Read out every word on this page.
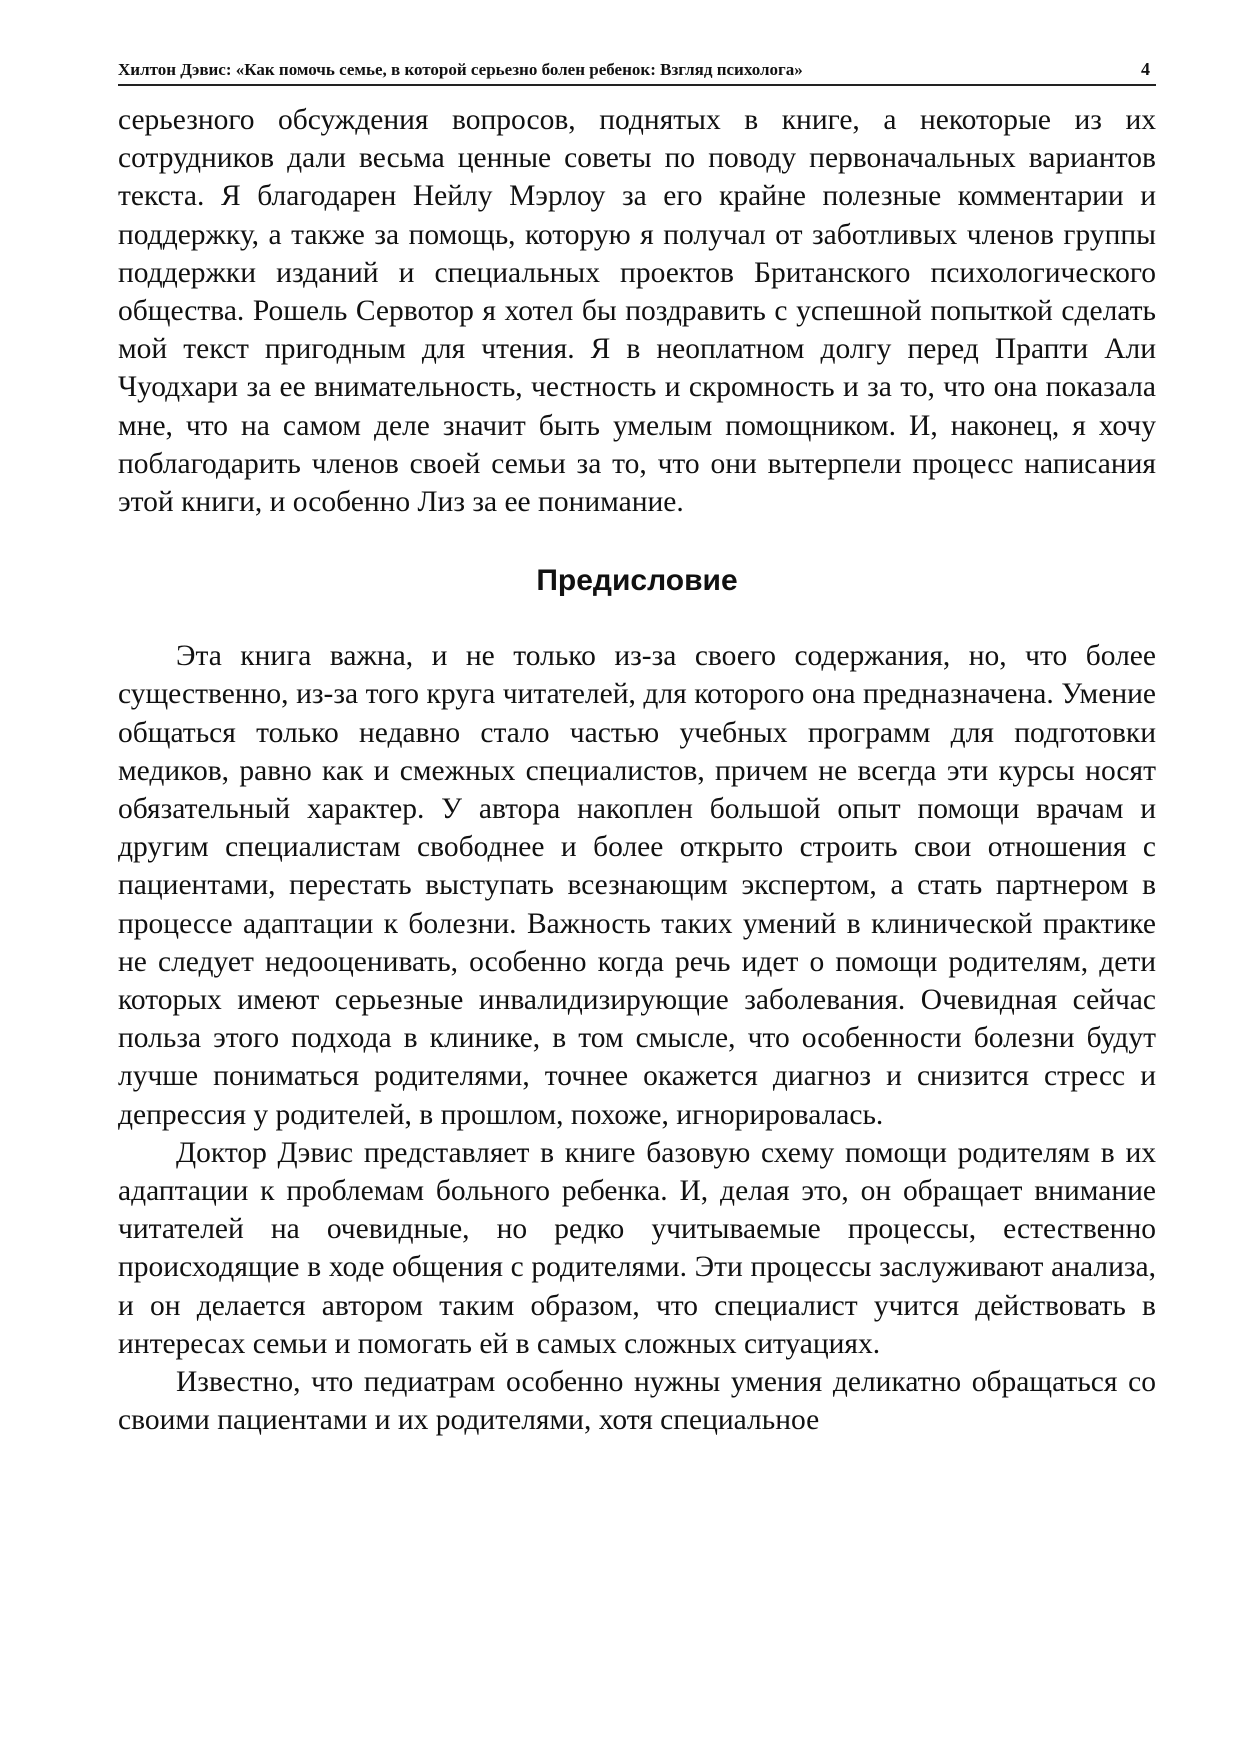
Хилтон Дэвис: «Как помочь семье, в которой серьезно болен ребенок: Взгляд психолога»	4

серьезного обсуждения вопросов, поднятых в книге, а некоторые из их сотрудников дали весьма ценные советы по поводу первоначальных вариантов текста. Я благодарен Нейлу Мэрлоу за его крайне полезные комментарии и поддержку, а также за помощь, которую я получал от заботливых членов группы поддержки изданий и специальных проектов Британского психологического общества. Рошель Сервотор я хотел бы поздравить с успешной попыткой сделать мой текст пригодным для чтения. Я в неоплатном долгу перед Прапти Али Чуодхари за ее внимательность, честность и скромность и за то, что она показала мне, что на самом деле значит быть умелым помощником. И, наконец, я хочу поблагодарить членов своей семьи за то, что они вытерпели процесс написания этой книги, и особенно Лиз за ее понимание.

Предисловие

Эта книга важна, и не только из-за своего содержания, но, что более существенно, из-за того круга читателей, для которого она предназначена. Умение общаться только недавно стало частью учебных программ для подготовки медиков, равно как и смежных специалистов, причем не всегда эти курсы носят обязательный характер. У автора накоплен большой опыт помощи врачам и другим специалистам свободнее и более открыто строить свои отношения с пациентами, перестать выступать всезнающим экспертом, а стать партнером в процессе адаптации к болезни. Важность таких умений в клинической практике не следует недооценивать, особенно когда речь идет о помощи родителям, дети которых имеют серьезные инвалидизирующие заболевания. Очевидная сейчас польза этого подхода в клинике, в том смысле, что особенности болезни будут лучше пониматься родителями, точнее окажется диагноз и снизится стресс и депрессия у родителей, в прошлом, похоже, игнорировалась.

Доктор Дэвис представляет в книге базовую схему помощи родителям в их адаптации к проблемам больного ребенка. И, делая это, он обращает внимание читателей на очевидные, но редко учитываемые процессы, естественно происходящие в ходе общения с родителями. Эти процессы заслуживают анализа, и он делается автором таким образом, что специалист учится действовать в интересах семьи и помогать ей в самых сложных ситуациях.

Известно, что педиатрам особенно нужны умения деликатно обращаться со своими пациентами и их родителями, хотя специальное
